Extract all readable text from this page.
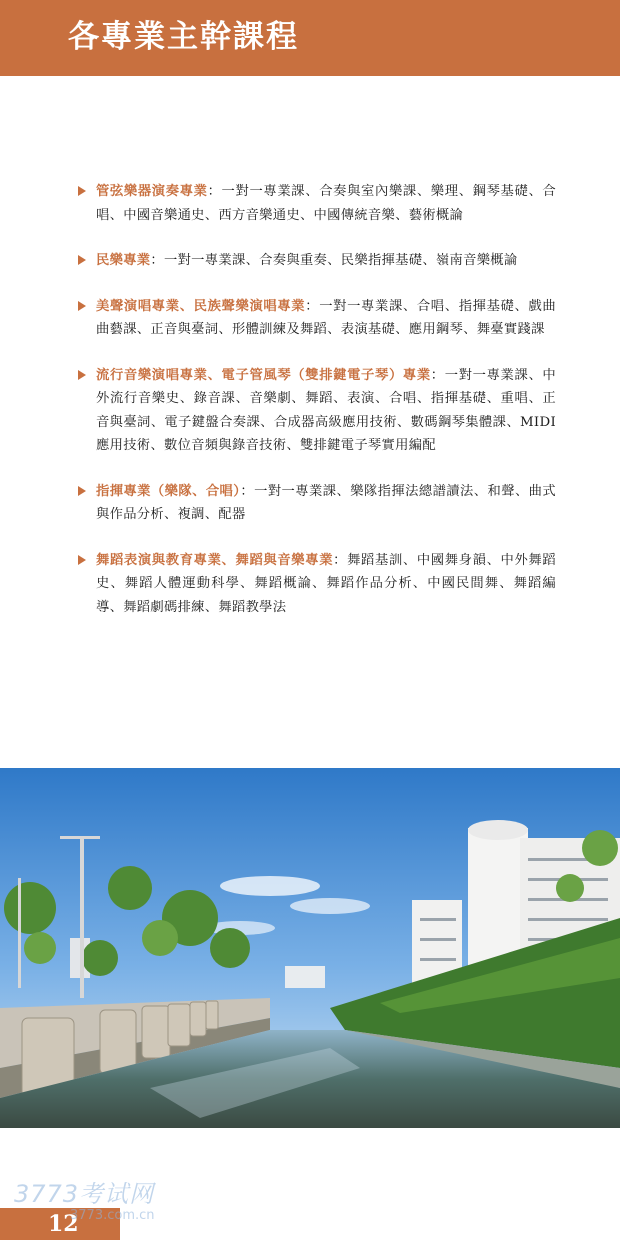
各專業主幹課程
管弦樂器演奏專業：一對一專業課、合奏與室內樂課、樂理、鋼琴基礎、合唱、中國音樂通史、西方音樂通史、中國傳統音樂、藝術概論
民樂專業：一對一專業課、合奏與重奏、民樂指揮基礎、嶺南音樂概論
美聲演唱專業、民族聲樂演唱專業：一對一專業課、合唱、指揮基礎、戲曲曲藝課、正音與臺詞、形體訓練及舞蹈、表演基礎、應用鋼琴、舞臺實踐課
流行音樂演唱專業、電子管風琴（雙排鍵電子琴）專業：一對一專業課、中外流行音樂史、錄音課、音樂劇、舞蹈、表演、合唱、指揮基礎、重唱、正音與臺詞、電子鍵盤合奏課、合成器高級應用技術、數碼鋼琴集體課、MIDI應用技術、數位音頻與錄音技術、雙排鍵電子琴實用編配
指揮專業（樂隊、合唱）：一對一專業課、樂隊指揮法總譜讀法、和聲、曲式與作品分析、複調、配器
舞蹈表演與教育專業、舞蹈與音樂專業：舞蹈基訓、中國舞身韻、中外舞蹈史、舞蹈人體運動科學、舞蹈概論、舞蹈作品分析、中國民間舞、舞蹈編導、舞蹈劇碼排練、舞蹈教學法
3773考试网
12
3773.com.cn
